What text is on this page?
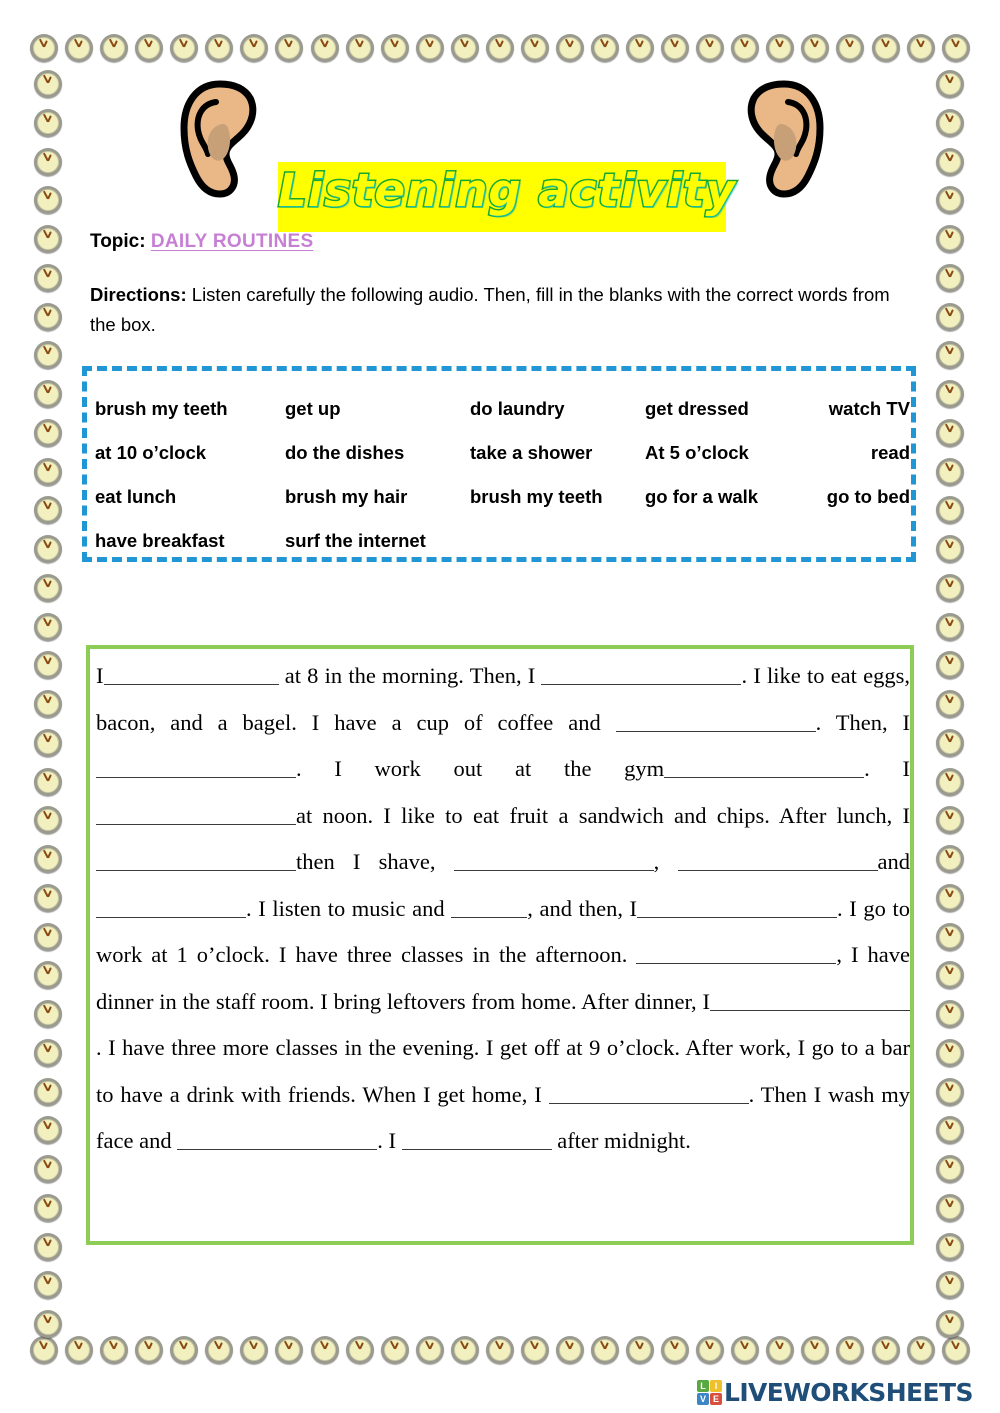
Listening activity
Topic: DAILY ROUTINES
Directions: Listen carefully the following audio. Then, fill in the blanks with the correct words from the box.
brush my teeth	get up	do laundry	get dressed	watch TV
at 10 o’clock	do the dishes	take a shower	At 5 o’clock	read
eat lunch	brush my hair	brush my teeth	go for a walk	go to bed
have breakfast	surf the internet

I	at 8 in the morning. Then, I	. I like to eat eggs, bacon, and a bagel. I have a cup of coffee and	. Then, I . I work out at the gym	. I at noon. I like to eat fruit a sandwich and chips. After lunch, I then I shave,	,	and . I listen to music and	, and then, I	. I go to work at 1 o’clock. I have three classes in the afternoon.	, I have dinner in the staff room. I bring leftovers from home. After dinner, I. I have three more classes in the evening. I get off at 9 o’clock. After work, I go to a bar to have a drink with friends. When I get home, I	. Then I wash my face and	. I	after midnight.

L I
V E LIVEWORKSHEETS
